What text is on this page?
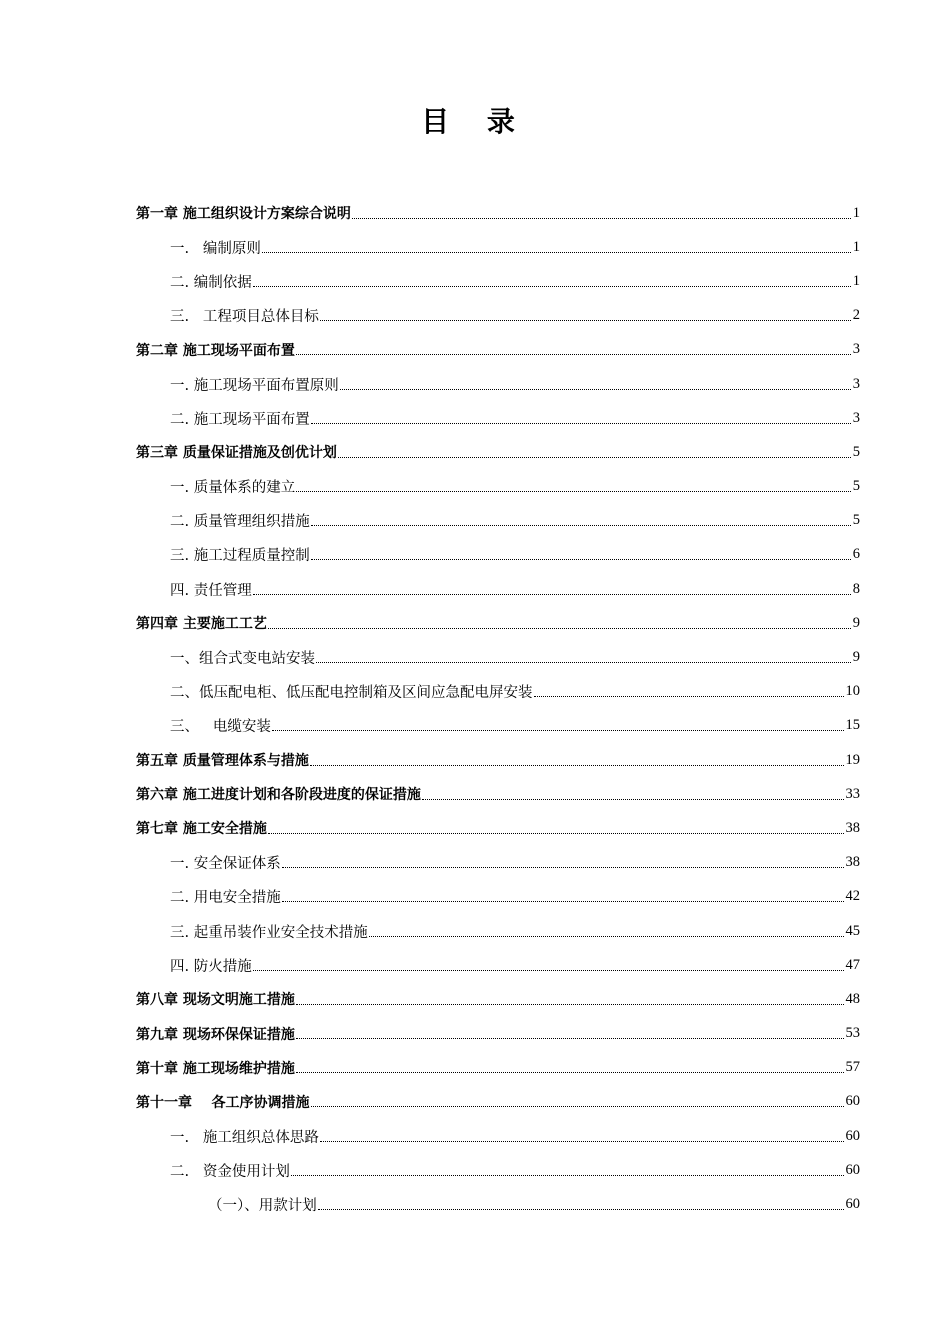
目 录
第一章 施工组织设计方案综合说明	1
一.   编制原则	1
二. 编制依据	1
三.   工程项目总体目标	2
第二章 施工现场平面布置	3
一. 施工现场平面布置原则	3
二. 施工现场平面布置	3
第三章 质量保证措施及创优计划	5
一. 质量体系的建立	5
二. 质量管理组织措施	5
三. 施工过程质量控制	6
四. 责任管理	8
第四章 主要施工工艺	9
一、组合式变电站安装	9
二、低压配电柜、低压配电控制箱及区间应急配电屏安装	10
三、   电缆安装	15
第五章 质量管理体系与措施	19
第六章 施工进度计划和各阶段进度的保证措施	33
第七章 施工安全措施	38
一. 安全保证体系	38
二. 用电安全措施	42
三. 起重吊装作业安全技术措施	45
四. 防火措施	47
第八章 现场文明施工措施	48
第九章 现场环保保证措施	53
第十章 施工现场维护措施	57
第十一章    各工序协调措施	60
一.   施工组织总体思路	60
二.   资金使用计划	60
（一）、用款计划	60
